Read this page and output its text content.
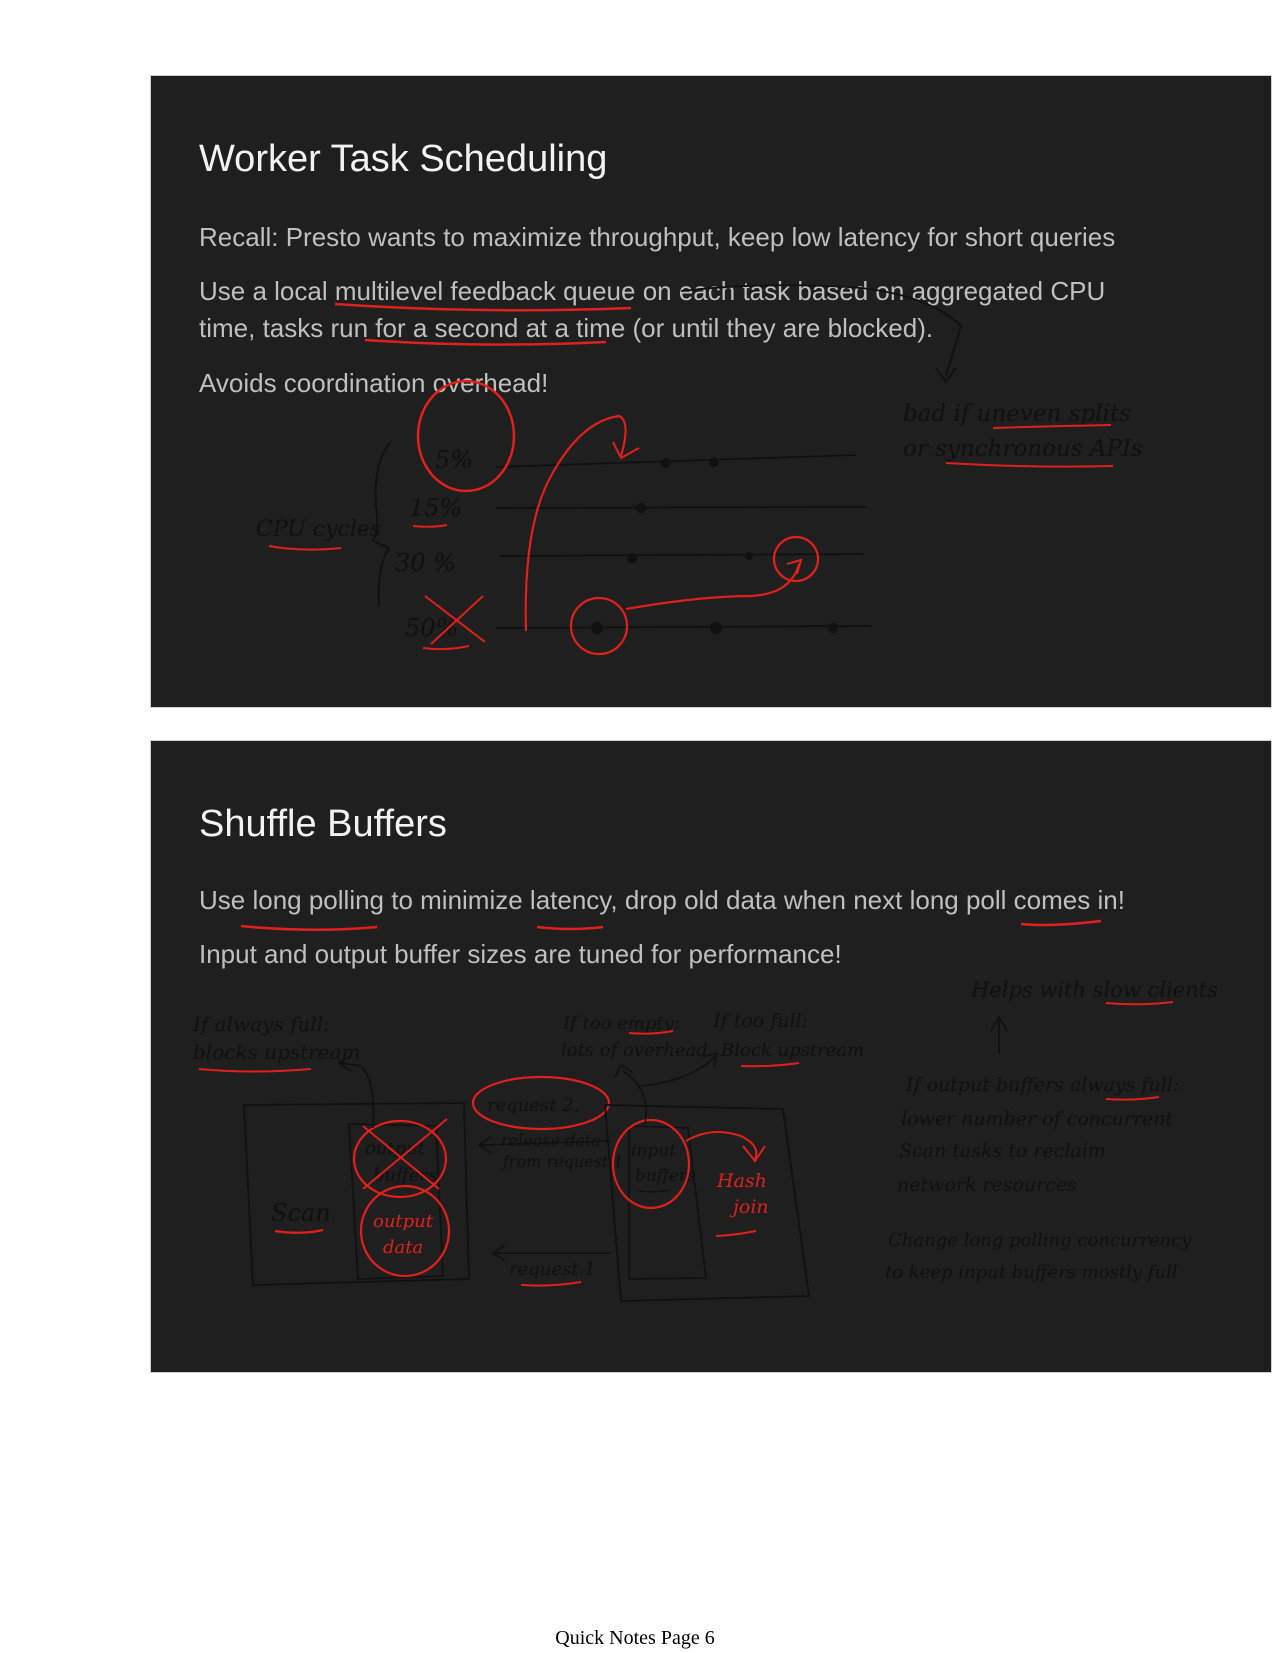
Worker Task Scheduling

Recall: Presto wants to maximize throughput, keep low latency for short queries

Use a local multilevel feedback queue on each task based on aggregated CPU

time, tasks run for a second at a time (or until they are blocked).

Avoids coordination overhead!

5%
15%
30 %
50%
CPU cycles
bad if uneven splits
or synchronous APIs
Shuffle Buffers

Use long polling to minimize latency, drop old data when next long poll comes in!

Input and output buffer sizes are tuned for performance!

If always full:
blocks upstream
If too empty:
lots of overhead
If too full:
Block upstream
Helps with slow clients
If output buffers always full:
lower number of concurrent
Scan tasks to reclaim
network resources
Change long polling concurrency
to keep input buffers mostly full
Scan
output
buffers
output
data
request 2,
release data
from request 1
request 1
input
buffers Hash
join
Quick Notes Page 6
